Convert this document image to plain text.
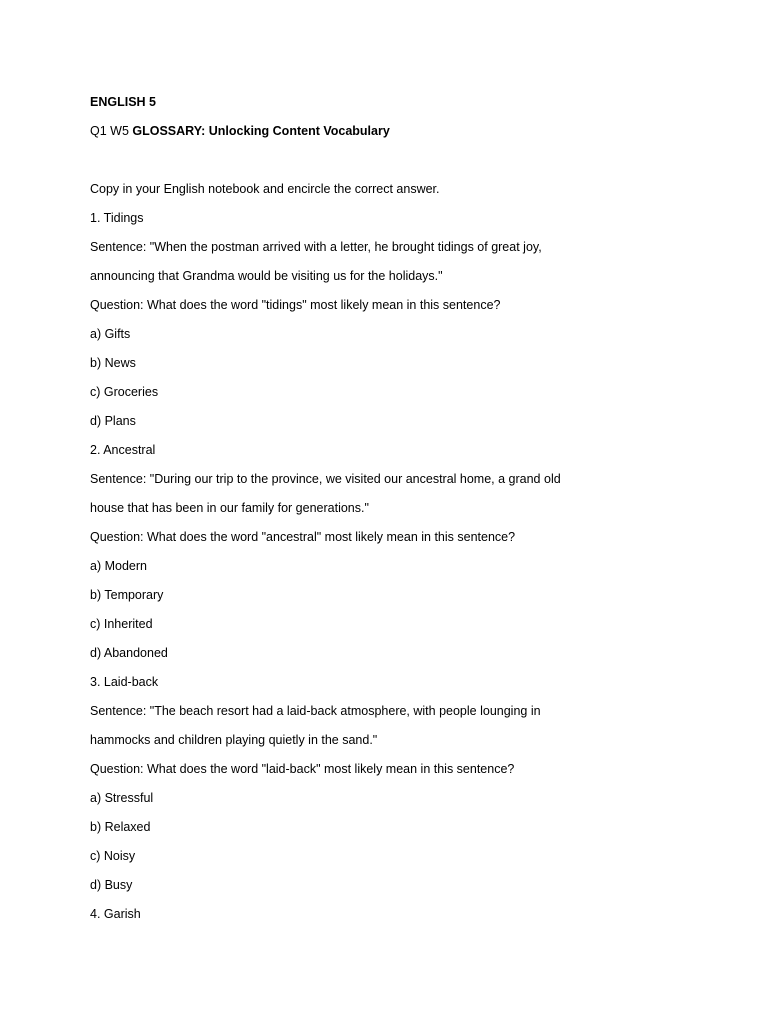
ENGLISH 5
Q1 W5 GLOSSARY: Unlocking Content Vocabulary
Copy in your English notebook and encircle the correct answer.
1. Tidings
Sentence: "When the postman arrived with a letter, he brought tidings of great joy,
announcing that Grandma would be visiting us for the holidays."
Question: What does the word "tidings" most likely mean in this sentence?
a) Gifts
b) News
c) Groceries
d) Plans
2. Ancestral
Sentence: "During our trip to the province, we visited our ancestral home, a grand old
house that has been in our family for generations."
Question: What does the word "ancestral" most likely mean in this sentence?
a) Modern
b) Temporary
c) Inherited
d) Abandoned
3. Laid-back
Sentence: "The beach resort had a laid-back atmosphere, with people lounging in
hammocks and children playing quietly in the sand."
Question: What does the word "laid-back" most likely mean in this sentence?
a) Stressful
b) Relaxed
c) Noisy
d) Busy
4. Garish
